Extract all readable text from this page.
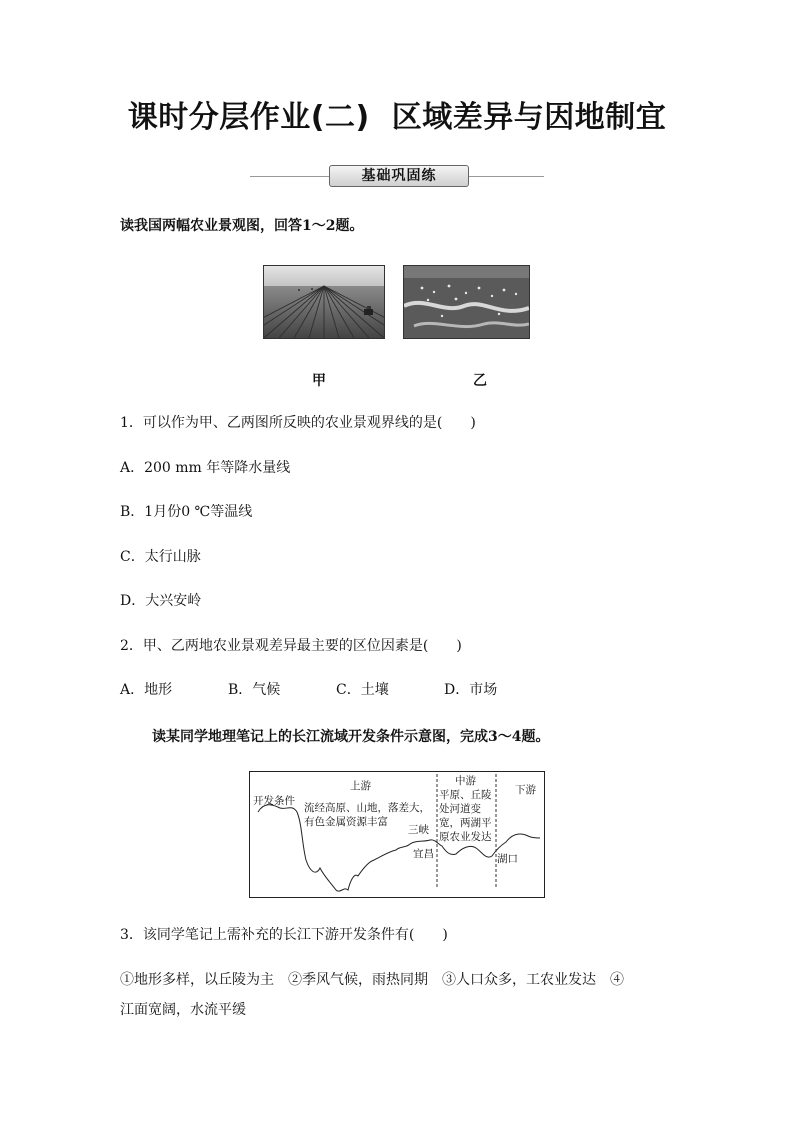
课时分层作业(二) 区域差异与因地制宜
基础巩固练
读我国两幅农业景观图，回答1～2题。
甲	乙
1．可以作为甲、乙两图所反映的农业景观界线的是(　　)
A．200 mm 年等降水量线
B．1月份0 ℃等温线
C．太行山脉
D．大兴安岭
2．甲、乙两地农业景观差异最主要的区位因素是(　　)
A．地形	B．气候	C．土壤	D．市场
读某同学地理笔记上的长江流域开发条件示意图，完成3～4题。
开发条件
上游
流经高原、山地，落差大，
有色金属资源丰富
三峡
宜昌
中游
平原、丘陵
处河道变
宽，两湖平
原农业发达
湖口
下游
3．该同学笔记上需补充的长江下游开发条件有(　　)
①地形多样，以丘陵为主　②季风气候，雨热同期　③人口众多，工农业发达　④
江面宽阔，水流平缓
